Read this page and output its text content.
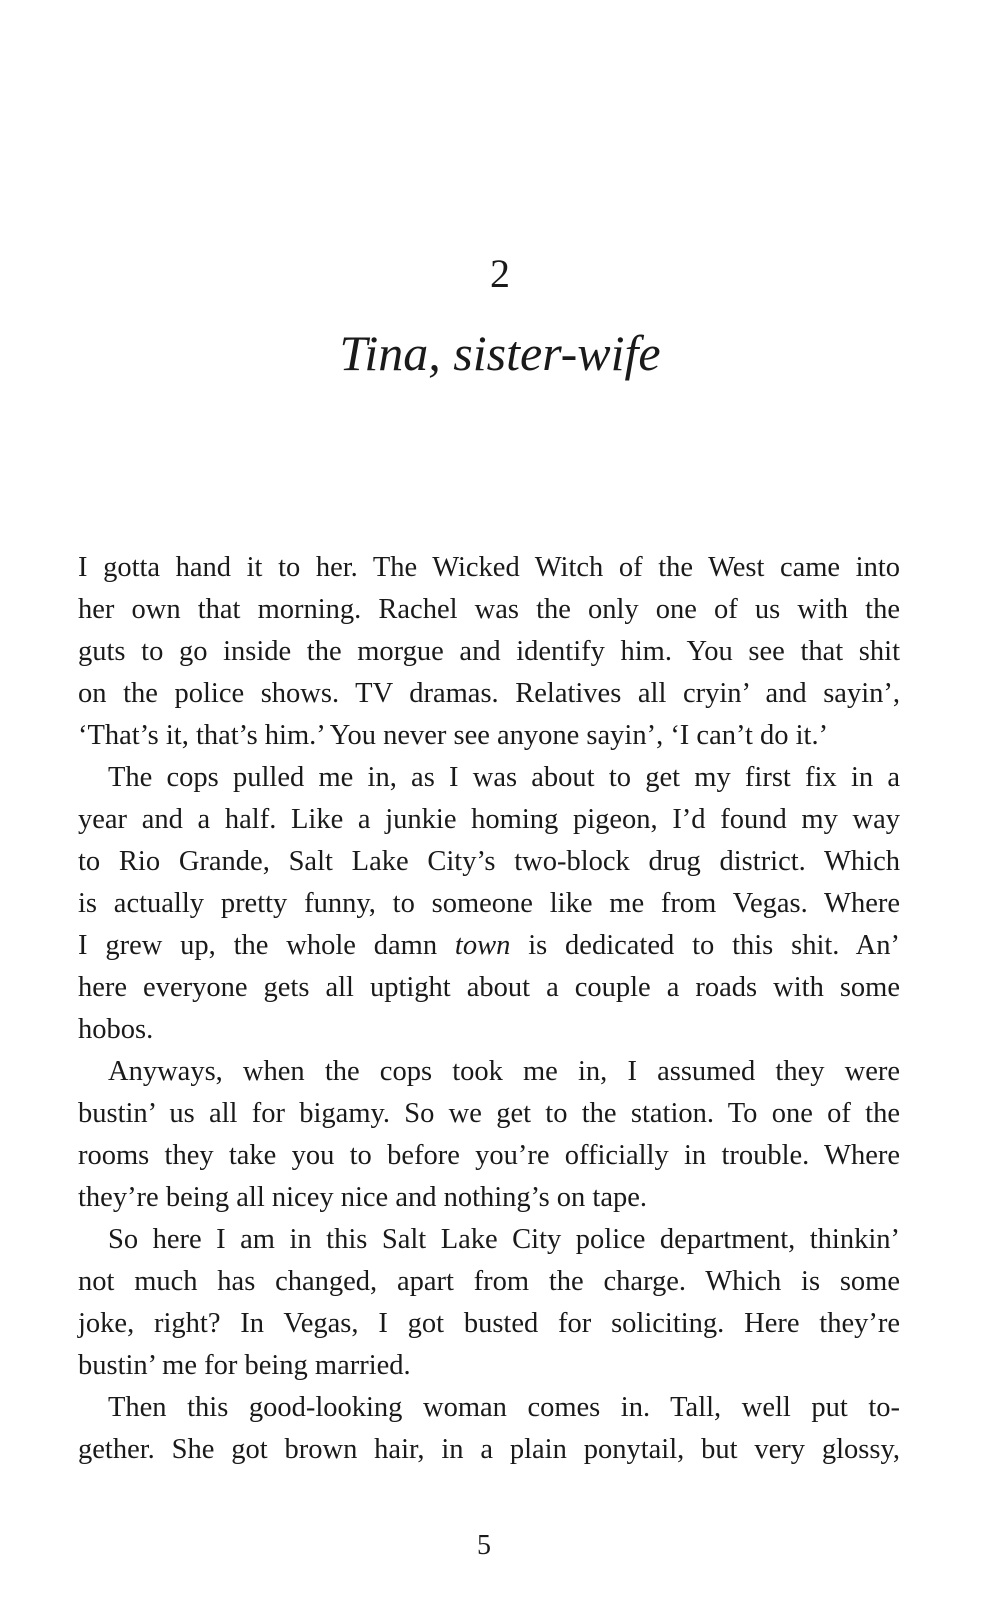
2
Tina, sister-wife
I gotta hand it to her. The Wicked Witch of the West came into
her own that morning. Rachel was the only one of us with the
guts to go inside the morgue and identify him. You see that shit
on the police shows. TV dramas. Relatives all cryin’ and sayin’,
‘That’s it, that’s him.’ You never see anyone sayin’, ‘I can’t do it.’
The cops pulled me in, as I was about to get my first fix in a
year and a half. Like a junkie homing pigeon, I’d found my way
to Rio Grande, Salt Lake City’s two-block drug district. Which
is actually pretty funny, to someone like me from Vegas. Where
I grew up, the whole damn town is dedicated to this shit. An’
here everyone gets all uptight about a couple a roads with some
hobos.
Anyways, when the cops took me in, I assumed they were
bustin’ us all for bigamy. So we get to the station. To one of the
rooms they take you to before you’re officially in trouble. Where
they’re being all nicey nice and nothing’s on tape.
So here I am in this Salt Lake City police department, thinkin’
not much has changed, apart from the charge. Which is some
joke, right? In Vegas, I got busted for soliciting. Here they’re
bustin’ me for being married.
Then this good-looking woman comes in. Tall, well put to-
gether. She got brown hair, in a plain ponytail, but very glossy,
5
